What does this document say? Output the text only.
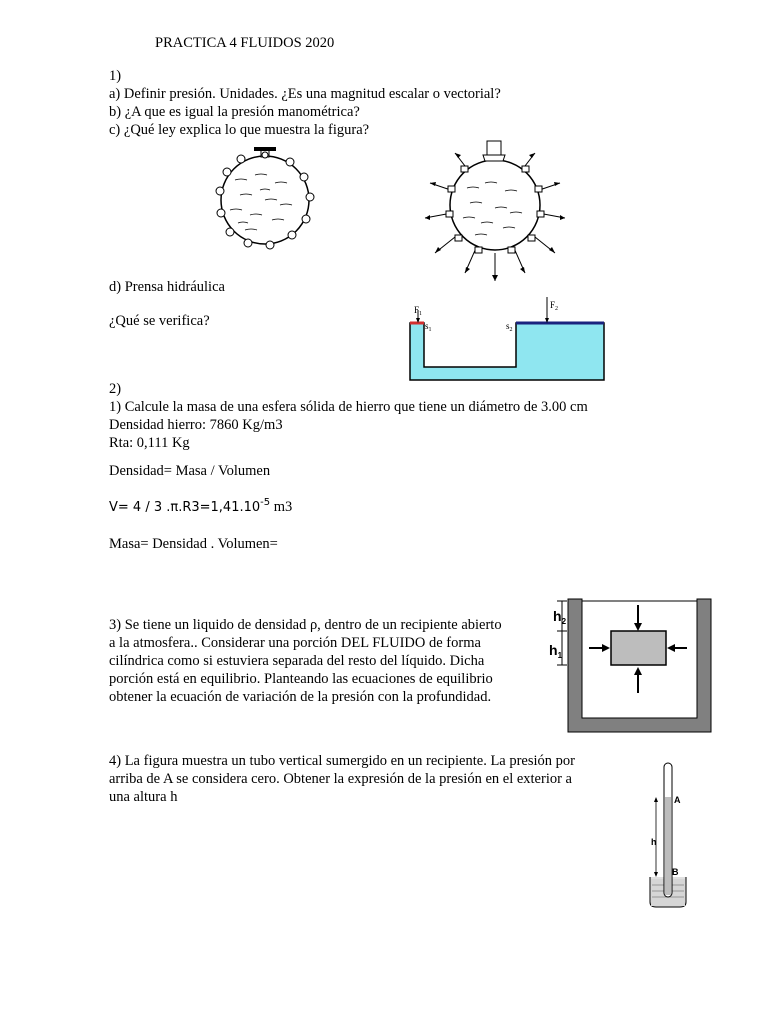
PRACTICA 4 FLUIDOS 2020
1)
a) Definir presión. Unidades. ¿Es una magnitud escalar o vectorial?
b) ¿A que es igual la presión manométrica?
c) ¿Qué ley explica lo que muestra la figura?
d) Prensa hidráulica
¿Qué se verifica?
$F_1$
$s_1$	$s_2$
$F_2$
2)
1) Calcule la masa de una esfera sólida de hierro que tiene un diámetro de 3.00 cm
Densidad hierro: 7860 Kg/m3
Rta: 0,111 Kg
Densidad= Masa / Volumen
V= 4 / 3 $.\pi.R3=1,41.10^{-5}$ m3
Masa= Densidad . Volumen=
3) Se tiene un liquido de densidad ρ, dentro de un recipiente abierto
a la atmosfera.. Considerar una porción DEL FLUIDO de forma
cilíndrica como si estuviera separada del resto del líquido. Dicha
porción está en equilibrio. Planteando las ecuaciones de equilibrio
obtener la ecuación de variación de la presión con la profundidad.
$h_2$
$h_1$
4) La figura muestra un tubo vertical sumergido en un recipiente. La presión por
arriba de A se considera cero. Obtener la expresión de la presión en el exterior a
una altura h	A
h
B
